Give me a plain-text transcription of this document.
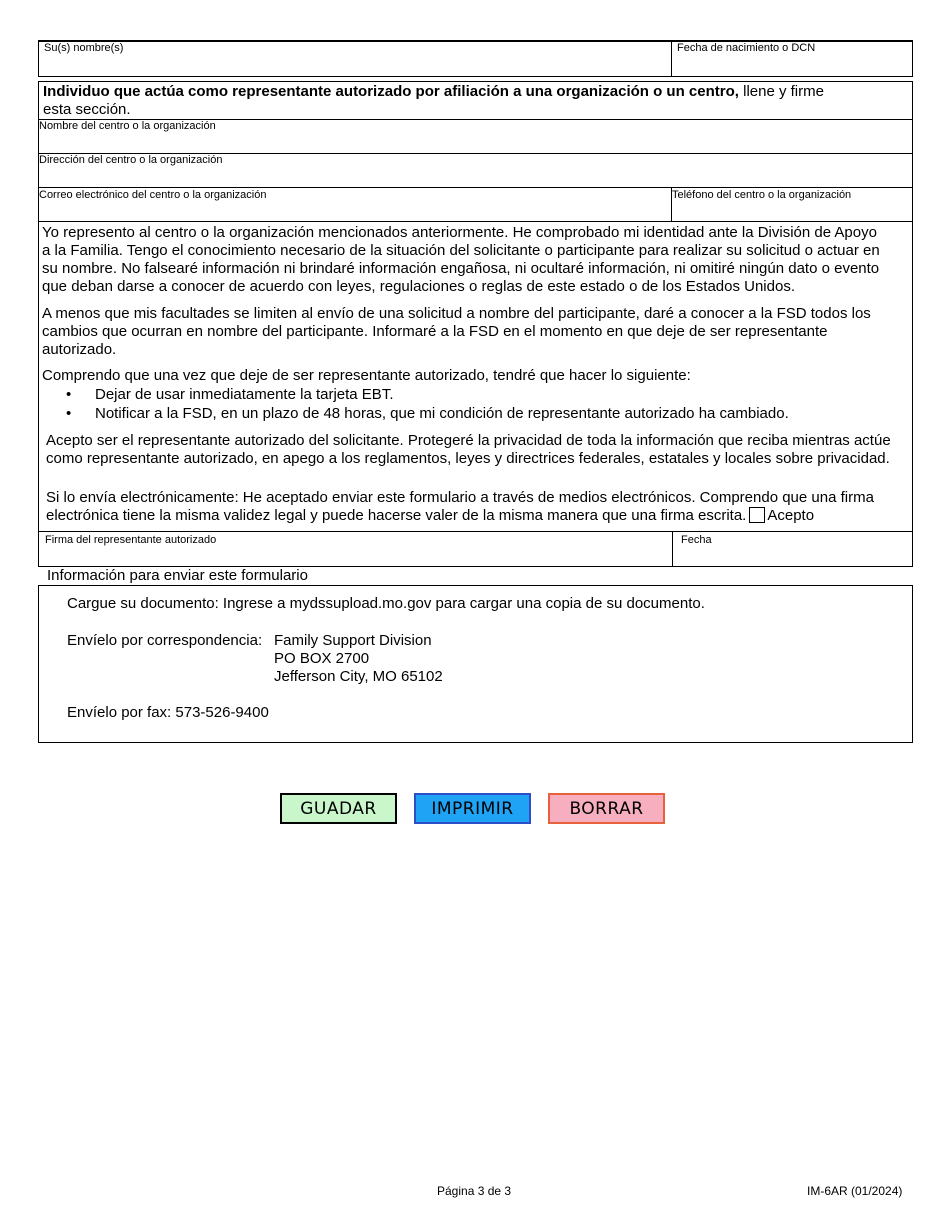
Su(s) nombre(s)	Fecha de nacimiento o DCN
Individuo que actúa como representante autorizado por afiliación a una organización o un centro, llene y firme
esta sección.
Nombre del centro o la organización
Dirección del centro o la organización
Correo electrónico del centro o la organización	Teléfono del centro o la organización
Yo represento al centro o la organización mencionados anteriormente. He comprobado mi identidad ante la División de Apoyo
a la Familia. Tengo el conocimiento necesario de la situación del solicitante o participante para realizar su solicitud o actuar en
su nombre. No falsearé información ni brindaré información engañosa, ni ocultaré información, ni omitiré ningún dato o evento
que deban darse a conocer de acuerdo con leyes, regulaciones o reglas de este estado o de los Estados Unidos.
A menos que mis facultades se limiten al envío de una solicitud a nombre del participante, daré a conocer a la FSD todos los
cambios que ocurran en nombre del participante. Informaré a la FSD en el momento en que deje de ser representante
autorizado.
Comprendo que una vez que deje de ser representante autorizado, tendré que hacer lo siguiente:
• Dejar de usar inmediatamente la tarjeta EBT.
• Notificar a la FSD, en un plazo de 48 horas, que mi condición de representante autorizado ha cambiado.
Acepto ser el representante autorizado del solicitante. Protegeré la privacidad de toda la información que reciba mientras actúe
como representante autorizado, en apego a los reglamentos, leyes y directrices federales, estatales y locales sobre privacidad.
Si lo envía electrónicamente: He aceptado enviar este formulario a través de medios electrónicos. Comprendo que una firma
electrónica tiene la misma validez legal y puede hacerse valer de la misma manera que una firma escrita. Acepto
Firma del representante autorizado	Fecha
Información para enviar este formulario
Cargue su documento: Ingrese a mydssupload.mo.gov para cargar una copia de su documento.
Envíelo por correspondencia: Family Support Division
PO BOX 2700
Jefferson City, MO 65102
Envíelo por fax: 573-526-9400
GUADAR	IMPRIMIR	BORRAR
Página 3 de 3	IM-6AR (01/2024)
